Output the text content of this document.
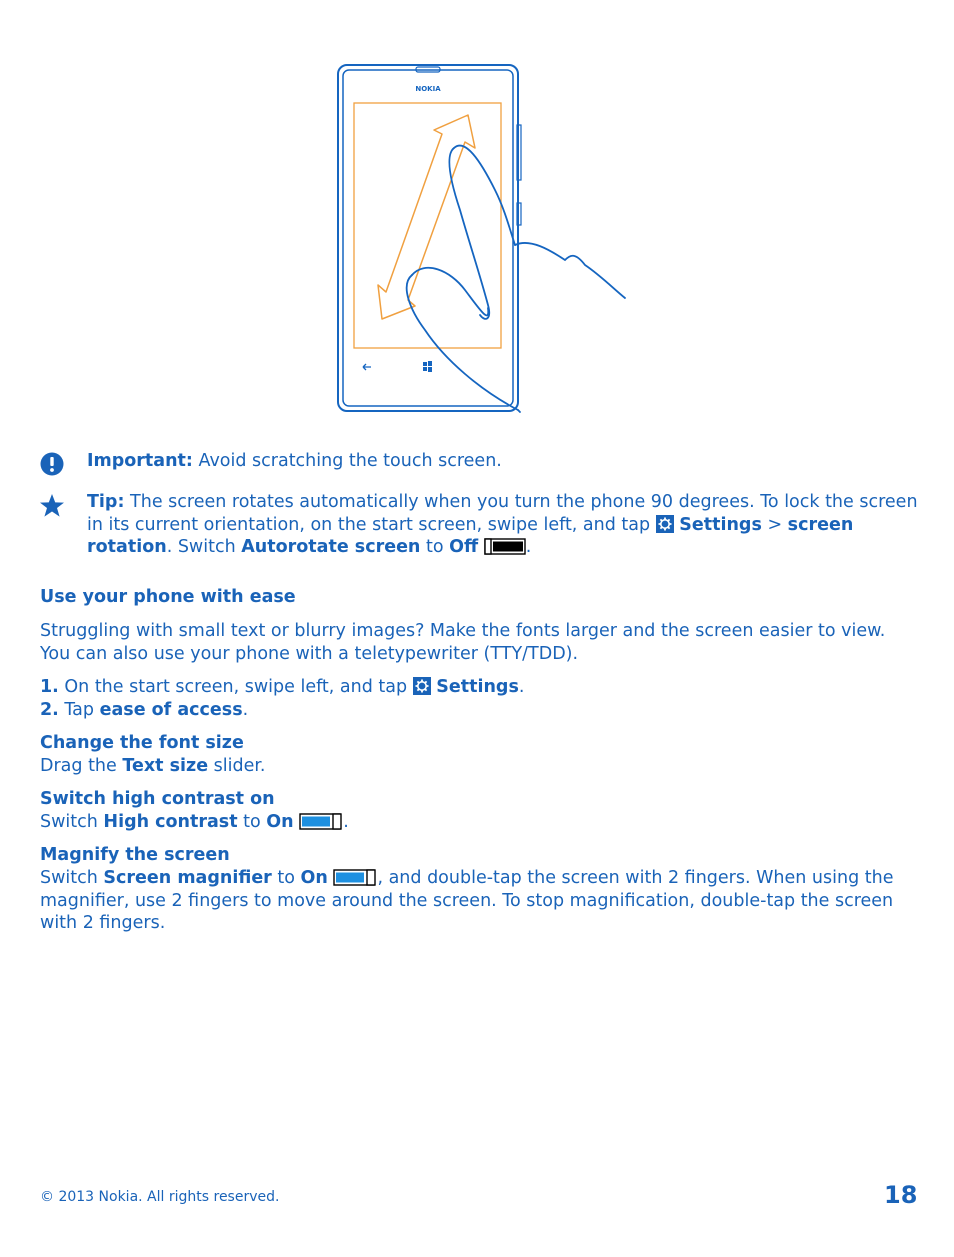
NOKIA

Important: Avoid scratching the touch screen.

Tip: The screen rotates automatically when you turn the phone 90 degrees. To lock the screen in its current orientation, on the start screen, swipe left, and tap  Settings > screen rotation. Switch Autorotate screen to Off	.

Use your phone with ease

Struggling with small text or blurry images? Make the fonts larger and the screen easier to view. You can also use your phone with a teletypewriter (TTY/TDD).

1. On the start screen, swipe left, and tap  Settings.

2. Tap ease of access.

Change the font size

Drag the Text size slider.

Switch high contrast on

Switch High contrast to On	.

Magnify the screen

Switch Screen magnifier to On	, and double-tap the screen with 2 fingers. When using the magnifier, use 2 fingers to move around the screen. To stop magnification, double-tap the screen with 2 fingers.

© 2013 Nokia. All rights reserved.	18
